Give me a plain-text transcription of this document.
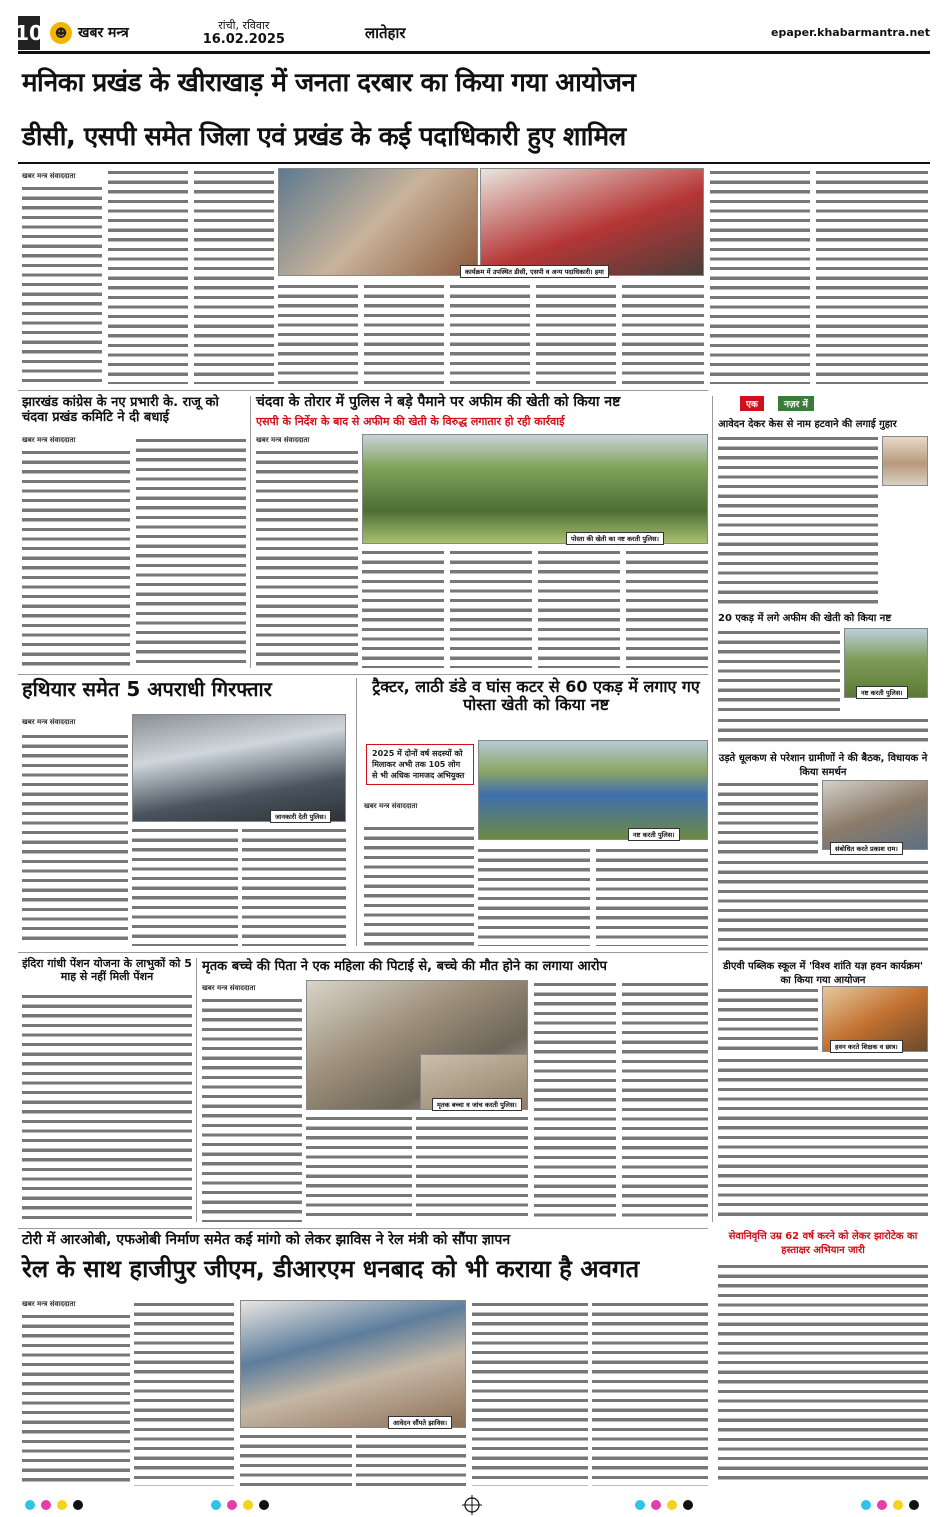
10 ☻ खबर मन्त्र	रांची, रविवार
16.02.2025	लातेहार	epaper.khabarmantra.net
मनिका प्रखंड के खीराखाड़ में जनता दरबार का किया गया आयोजन
डीसी, एसपी समेत जिला एवं प्रखंड के कई पदाधिकारी हुए शामिल
खबर मन्त्र संवाददाता
कार्यक्रम में उपस्थित डीसी, एसपी व अन्य पदाधिकारी। हमा
झारखंड कांग्रेस के नए प्रभारी के. राजू को चंदवा प्रखंड कमिटि ने दी बधाई
खबर मन्त्र संवाददाता
चंदवा के तोरार में पुलिस ने बड़े पैमाने पर अफीम की खेती को किया नष्ट
एसपी के निर्देश के बाद से अफीम की खेती के विरुद्ध लगातार हो रही कार्रवाई
खबर मन्त्र संवाददाता
पोस्ता की खेती का नष्ट करती पुलिस।
हथियार समेत 5 अपराधी गिरफ्तार
खबर मन्त्र संवाददाता
जानकारी देती पुलिस।
ट्रैक्टर, लाठी डंडे व घांस कटर से 60 एकड़ में लगाए गए पोस्ता खेती को किया नष्ट
2025 में दोनों वर्ष सदस्यों को मिलाकर अभी तक 105 लोग से भी अधिक नामजद अभियुक्त
नष्ट करती पुलिस।
खबर मन्त्र संवाददाता
इंदिरा गांधी पेंशन योजना के लाभुकों को 5 माह से नहीं मिली पेंशन
मृतक बच्चे की पिता ने एक महिला की पिटाई से, बच्चे की मौत होने का लगाया आरोप
खबर मन्त्र संवाददाता
मृतक बच्चा व जांच करती पुलिस।
एक	नज़र में
आवेदन देकर केस से नाम हटवाने की लगाई गुहार
20 एकड़ में लगे अफीम की खेती को किया नष्ट
नष्ट करती पुलिस।
उड़ते धूलकण से परेशान ग्रामीणों ने की बैठक, विधायक ने किया समर्थन
संबोधित करते प्रकाश राम।
डीएवी पब्लिक स्कूल में 'विश्व शांति यज्ञ हवन कार्यक्रम' का किया गया आयोजन
हवन करते शिक्षक व छात्र।
टोरी में आरओबी, एफओबी निर्माण समेत कई मांगो को लेकर झाविस ने रेल मंत्री को सौंपा ज्ञापन
रेल के साथ हाजीपुर जीएम, डीआरएम धनबाद को भी कराया है अवगत
खबर मन्त्र संवाददाता
आवेदन सौंपते झाविस।
सेवानिवृत्ति उम्र 62 वर्ष करने को लेकर झारोटेक का हस्ताक्षर अभियान जारी
